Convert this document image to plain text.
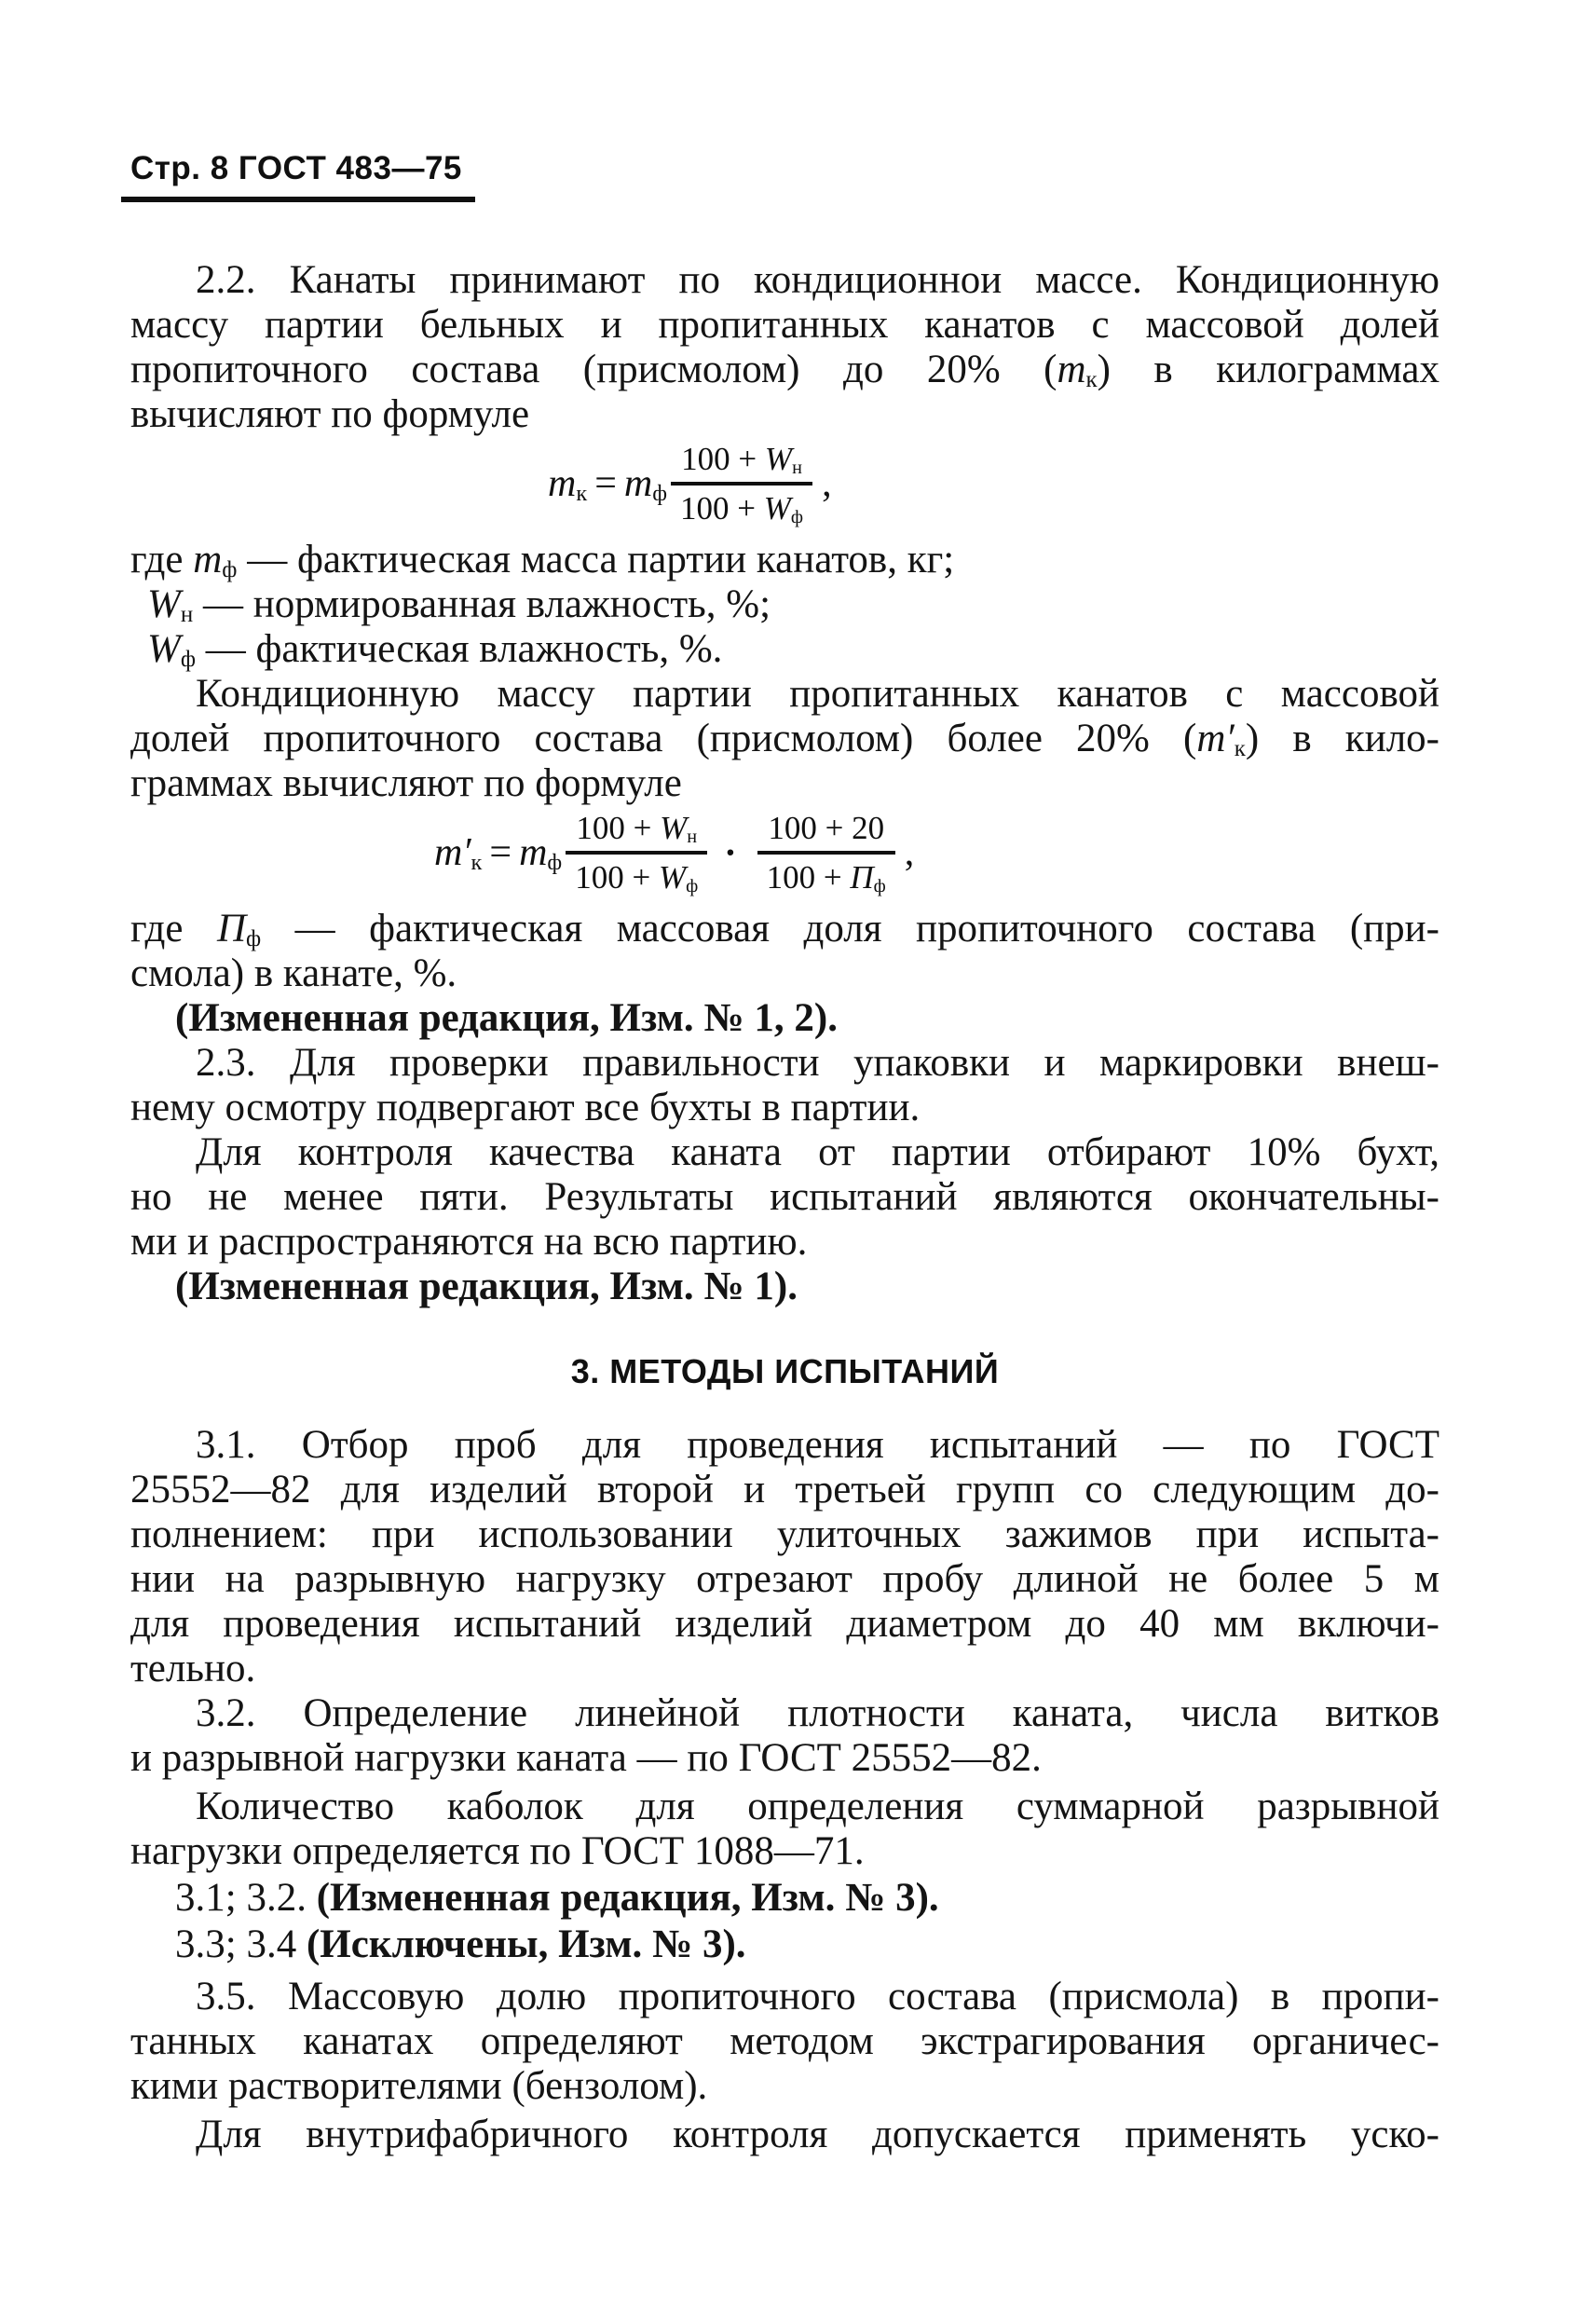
Стр. 8 ГОСТ 483—75
2.2. Канаты принимают по кондиционнои массе. Кондиционную
массу партии бельных и пропитанных канатов с массовой долей
пропиточного состава (присмолом) до 20% $(m_к)$ в килограммах
вычисляют по формуле
$m_к = m_ф \frac{100 + W_н}{100 + W_ф}$ ,
где $m_ф$ — фактическая масса партии канатов, кг;
$W_н$ — нормированная влажность, %;
$W_ф$ — фактическая влажность, %.
Кондиционную массу партии пропитанных канатов с массовой
долей пропиточного состава (присмолом) более 20% $(m'_к)$ в кило-
граммах вычисляют по формуле
$m'_к = m_ф \frac{100 + W_н}{100 + W_ф} \cdot \frac{100 + 20}{100 + П_ф}$ ,
где $П_ф$ — фактическая массовая доля пропиточного состава (при-
смола) в канате, %.
(Измененная редакция, Изм. № 1, 2).
2.3. Для проверки правильности упаковки и маркировки внеш-
нему осмотру подвергают все бухты в партии.
Для контроля качества каната от партии отбирают 10% бухт,
но не менее пяти. Результаты испытаний являются окончательны-
ми и распространяются на всю партию.
(Измененная редакция, Изм. № 1).
3. МЕТОДЫ ИСПЫТАНИЙ
3.1. Отбор проб для проведения испытаний — по ГОСТ
25552—82 для изделий второй и третьей групп со следующим до-
полнением: при использовании улиточных зажимов при испыта-
нии на разрывную нагрузку отрезают пробу длиной не более 5 м
для проведения испытаний изделий диаметром до 40 мм включи-
тельно.
3.2. Определение линейной плотности каната, числа витков
и разрывной нагрузки каната — по ГОСТ 25552—82.
Количество каболок для определения суммарной разрывной
нагрузки определяется по ГОСТ 1088—71.
3.1; 3.2. (Измененная редакция, Изм. № 3).
3.3; 3.4 (Исключены, Изм. № 3).
3.5. Массовую долю пропиточного состава (присмола) в пропи-
танных канатах определяют методом экстрагирования органичес-
кими растворителями (бензолом).
Для внутрифабричного контроля допускается применять уско-
